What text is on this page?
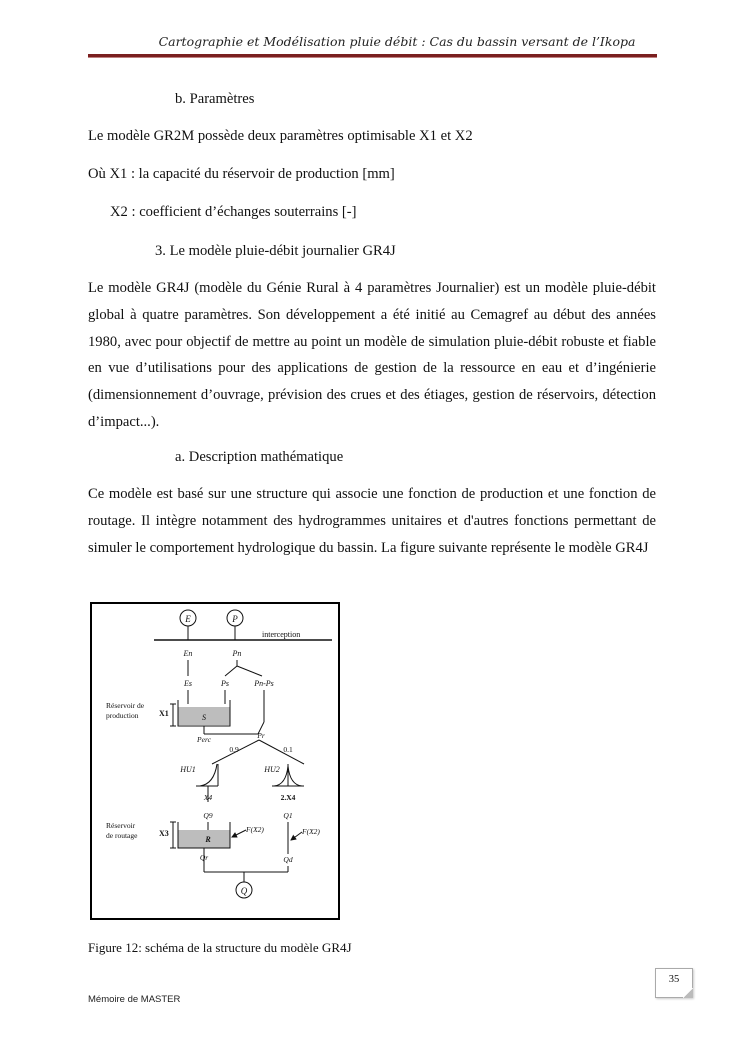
Cartographie et Modélisation pluie débit : Cas du bassin versant de l’Ikopa
b. Paramètres
Le modèle GR2M possède deux paramètres optimisable X1 et X2
Où X1 : la capacité du réservoir de production [mm]
X2 : coefficient d’échanges souterrains [-]
3. Le modèle pluie-débit journalier GR4J
Le modèle GR4J (modèle du Génie Rural à 4 paramètres Journalier) est un modèle pluie-débit global à quatre paramètres. Son développement a été initié au Cemagref au début des années 1980, avec pour objectif de mettre au point un modèle de simulation pluie-débit robuste et fiable en vue d’utilisations pour des applications de gestion de la ressource en eau et d’ingénierie (dimensionnement d’ouvrage, prévision des crues et des étiages, gestion de réservoirs, détection d’impact...).
a. Description mathématique
Ce modèle est basé sur une structure qui associe une fonction de production et une fonction de routage. Il intègre notamment des hydrogrammes unitaires et d'autres fonctions permettant de simuler le comportement hydrologique du bassin. La figure suivante représente le modèle GR4J
E	P
interception
En	Pn
Es	Ps	Pn-Ps
Réservoir de
production	X1	S
Perc	Pr
0.9	0.1
HU1
X4
HU2
2.X4
Q9	Q1
Réservoir
de routage	X3
R
F(X2)	F(X2)
Qr	Qd
Q
Figure 12: schéma de la structure du modèle GR4J
35
Mémoire de MASTER
